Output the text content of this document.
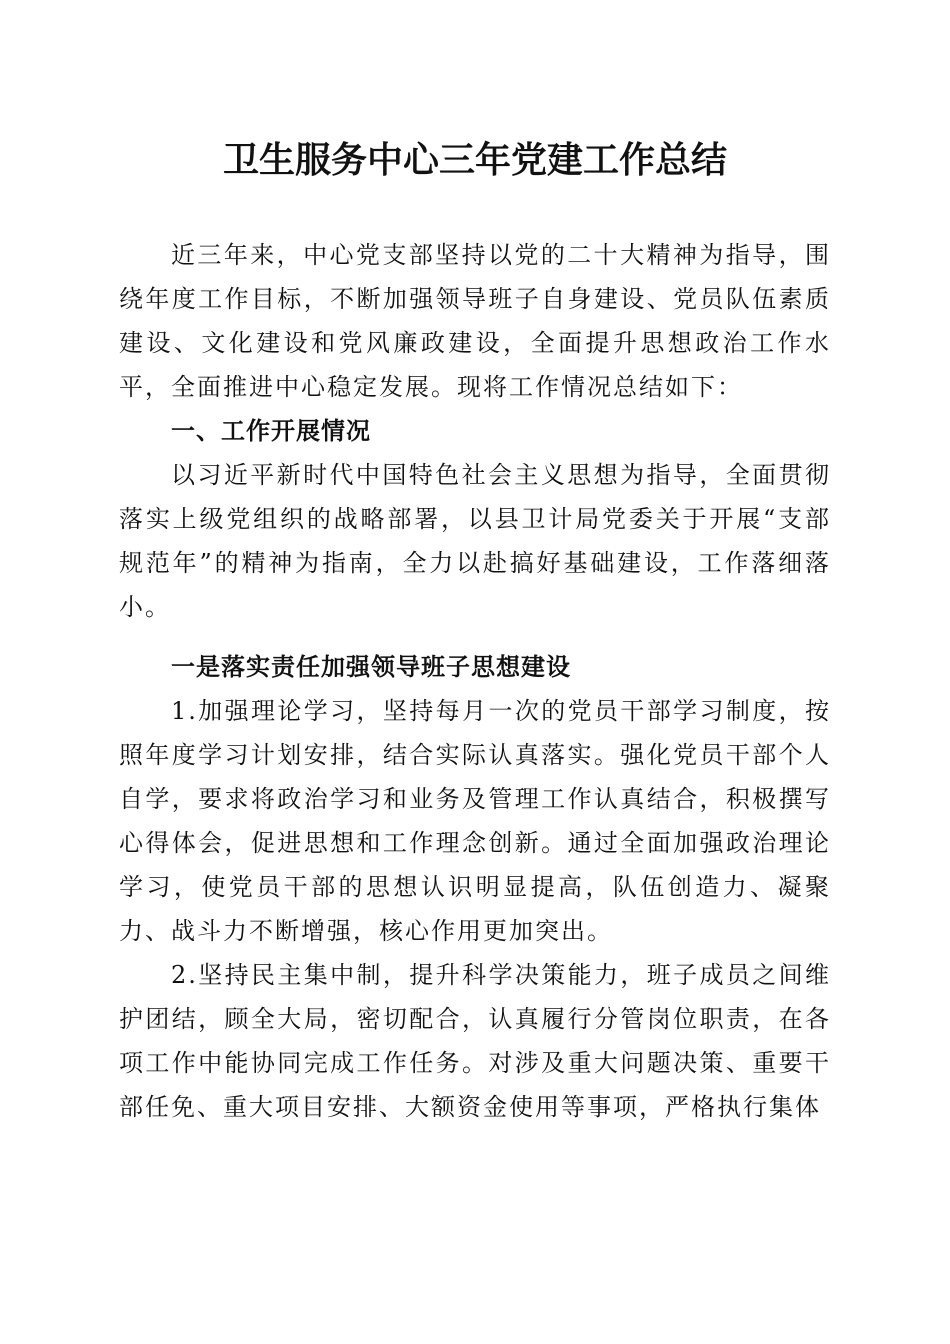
卫生服务中心三年党建工作总结

近三年来，中心党支部坚持以党的二十大精神为指导，围绕年度工作目标，不断加强领导班子自身建设、党员队伍素质建设、文化建设和党风廉政建设，全面提升思想政治工作水平，全面推进中心稳定发展。现将工作情况总结如下：

一、工作开展情况

以习近平新时代中国特色社会主义思想为指导，全面贯彻落实上级党组织的战略部署，以县卫计局党委关于开展“支部规范年”的精神为指南，全力以赴搞好基础建设，工作落细落小。

一是落实责任加强领导班子思想建设

1.加强理论学习，坚持每月一次的党员干部学习制度，按照年度学习计划安排，结合实际认真落实。强化党员干部个人自学，要求将政治学习和业务及管理工作认真结合，积极撰写心得体会，促进思想和工作理念创新。通过全面加强政治理论学习，使党员干部的思想认识明显提高，队伍创造力、凝聚力、战斗力不断增强，核心作用更加突出。

2.坚持民主集中制，提升科学决策能力，班子成员之间维护团结，顾全大局，密切配合，认真履行分管岗位职责，在各项工作中能协同完成工作任务。对涉及重大问题决策、重要干部任免、重大项目安排、大额资金使用等事项，严格执行集体
